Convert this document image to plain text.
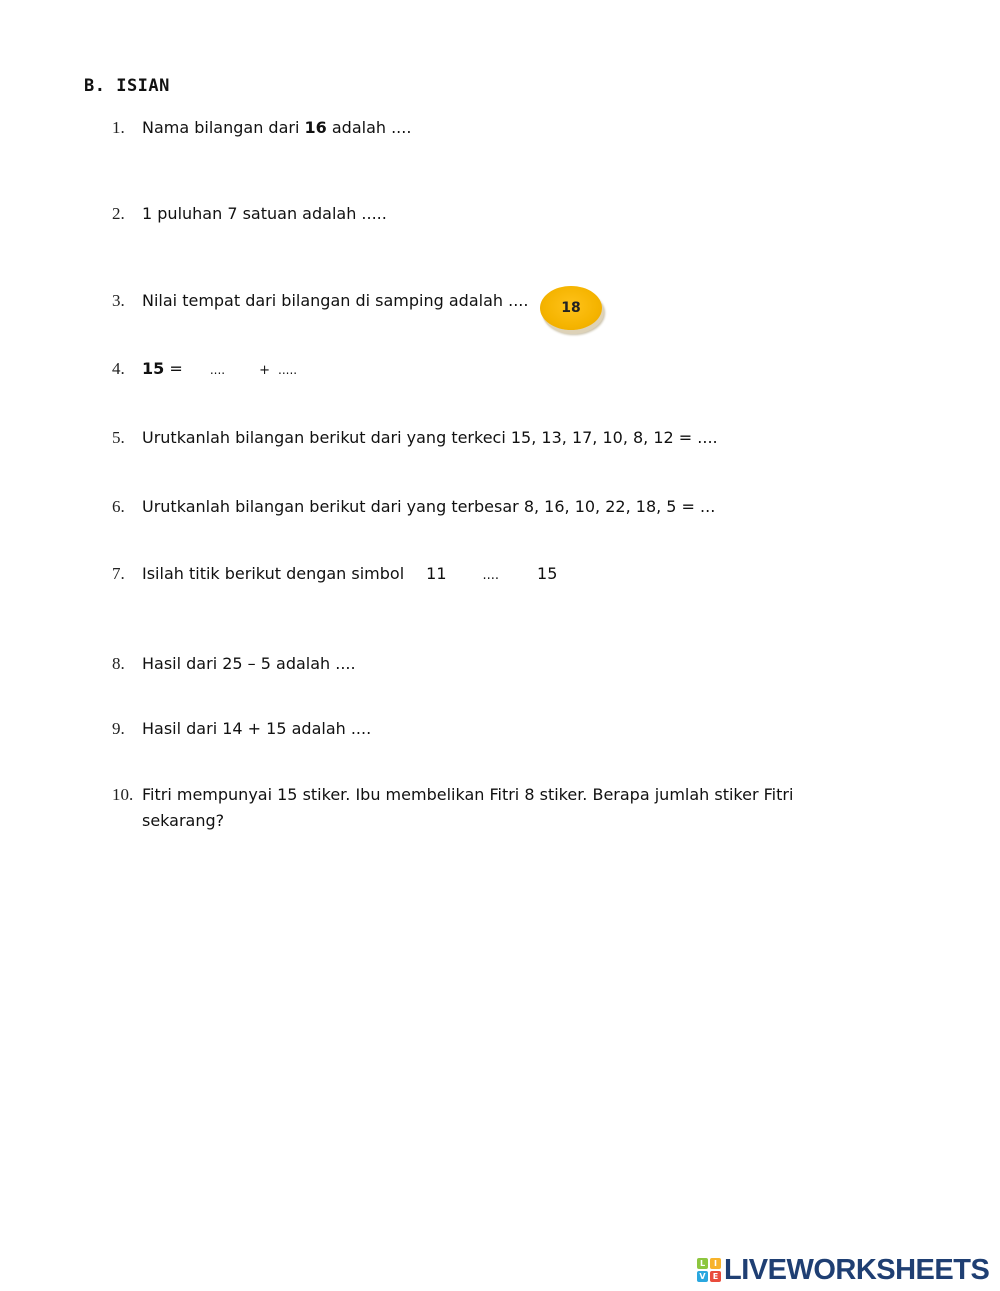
B. ISIAN
1. Nama bilangan dari 16 adalah ....
2. 1 puluhan 7 satuan adalah .....
3. Nilai tempat dari bilangan di samping adalah ....	18
4. 15 = ....	+ .....
5. Urutkanlah bilangan berikut dari yang terkeci 15, 13, 17, 10, 8, 12 = ....
6. Urutkanlah bilangan berikut dari yang terbesar 8, 16, 10, 22, 18, 5 = ...
7. Isilah titik berikut dengan simbol 11	.... 15
8. Hasil dari 25 – 5 adalah ....
9. Hasil dari 14 + 15 adalah ....
10. Fitri mempunyai 15 stiker. Ibu membelikan Fitri 8 stiker. Berapa jumlah stiker Fitri sekarang?
L	I
V E LIVEWORKSHEETS
